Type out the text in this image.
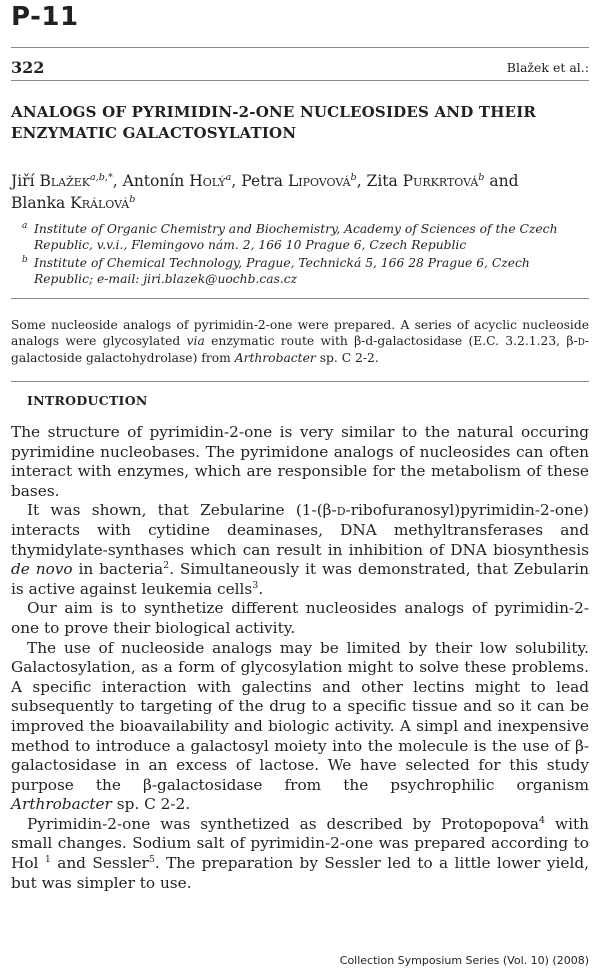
P-11
322	Blažek et al.:
ANALOGS OF PYRIMIDIN-2-ONE NUCLEOSIDES AND THEIR ENZYMATIC GALACTOSYLATION
Jiří Blažek$^{a,b,*}$, Antonín Holý$^a$, Petra Lipovová$^b$, Zita Purkrtová$^b$ and
Blanka Králová$^b$
a Institute of Organic Chemistry and Biochemistry, Academy of Sciences of the Czech Republic, v.v.i., Flemingovo nám. 2, 166 10 Prague 6, Czech Republic
b Institute of Chemical Technology, Prague, Technická 5, 166 28 Prague 6, Czech Republic; e-mail: jiri.blazek@uochb.cas.cz
Some nucleoside analogs of pyrimidin-2-one were prepared. A series of acyclic nucleoside analogs were glycosylated via enzymatic route with β-d-galactosidase (E.C. 3.2.1.23, β-d-galactoside galactohydrolase) from Arthrobacter sp. C 2-2.
INTRODUCTION

The structure of pyrimidin-2-one is very similar to the natural occuring pyrimidine nucleobases. The pyrimidone analogs of nucleosides can often interact with enzymes, which are responsible for the metabolism of these bases.

It was shown, that Zebularine (1-(β-d-ribofuranosyl)pyrimidin-2-one) interacts with cytidine deaminases, DNA methyltransferases and thymidylate-synthases which can result in inhibition of DNA biosynthesis de novo in bacteria$^2$. Simultaneously it was demonstrated, that Zebularin is active against leukemia cells$^3$.

Our aim is to synthetize different nucleosides analogs of pyrimidin-2-one to prove their biological activity.

The use of nucleoside analogs may be limited by their low solubility. Galactosylation, as a form of glycosylation might to solve these problems. A specific interaction with galectins and other lectins might to lead subsequently to targeting of the drug to a specific tissue and so it can be improved the bioavailability and biologic activity. A simpl and inexpensive method to introduce a galactosyl moiety into the molecule is the use of β-galactosidase in an excess of lactose. We have selected for this study purpose the β-galactosidase from the psychrophilic organism Arthrobacter sp. C 2-2.

Pyrimidin-2-one was synthetized as described by Protopopova$^4$ with small changes. Sodium salt of pyrimidin-2-one was prepared according to Hol $^1$ and Sessler$^5$. The preparation by Sessler led to a little lower yield, but was simpler to use.

Collection Symposium Series (Vol. 10) (2008)
